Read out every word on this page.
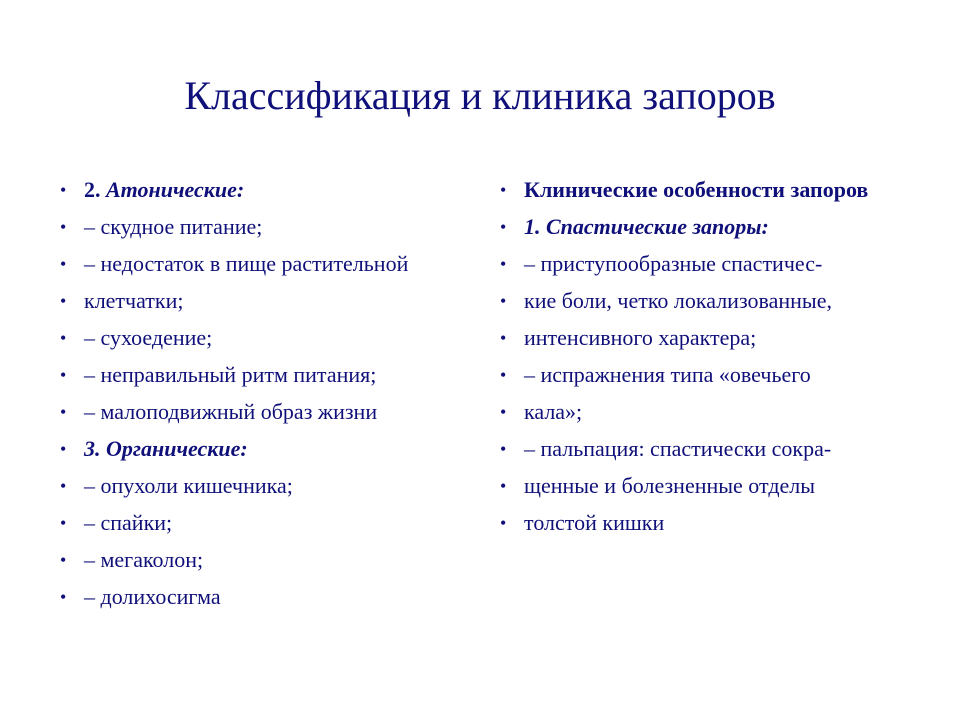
Классификация и клиника запоров
• 2. Атонические:
• – скудное питание;
• – недостаток в пище растительной
• клетчатки;
• – сухоедение;
• – неправильный ритм питания;
• – малоподвижный образ жизни
• 3. Органические:
• – опухоли кишечника;
• – спайки;
• – мегаколон;
• – долихосигма
• Клинические особенности запоров
• 1. Спастические запоры:
• – приступообразные спастичес-
• кие боли, четко локализованные,
• интенсивного характера;
• – испражнения типа «овечьего
• кала»;
• – пальпация: спастически сокра-
• щенные и болезненные отделы
• толстой кишки
